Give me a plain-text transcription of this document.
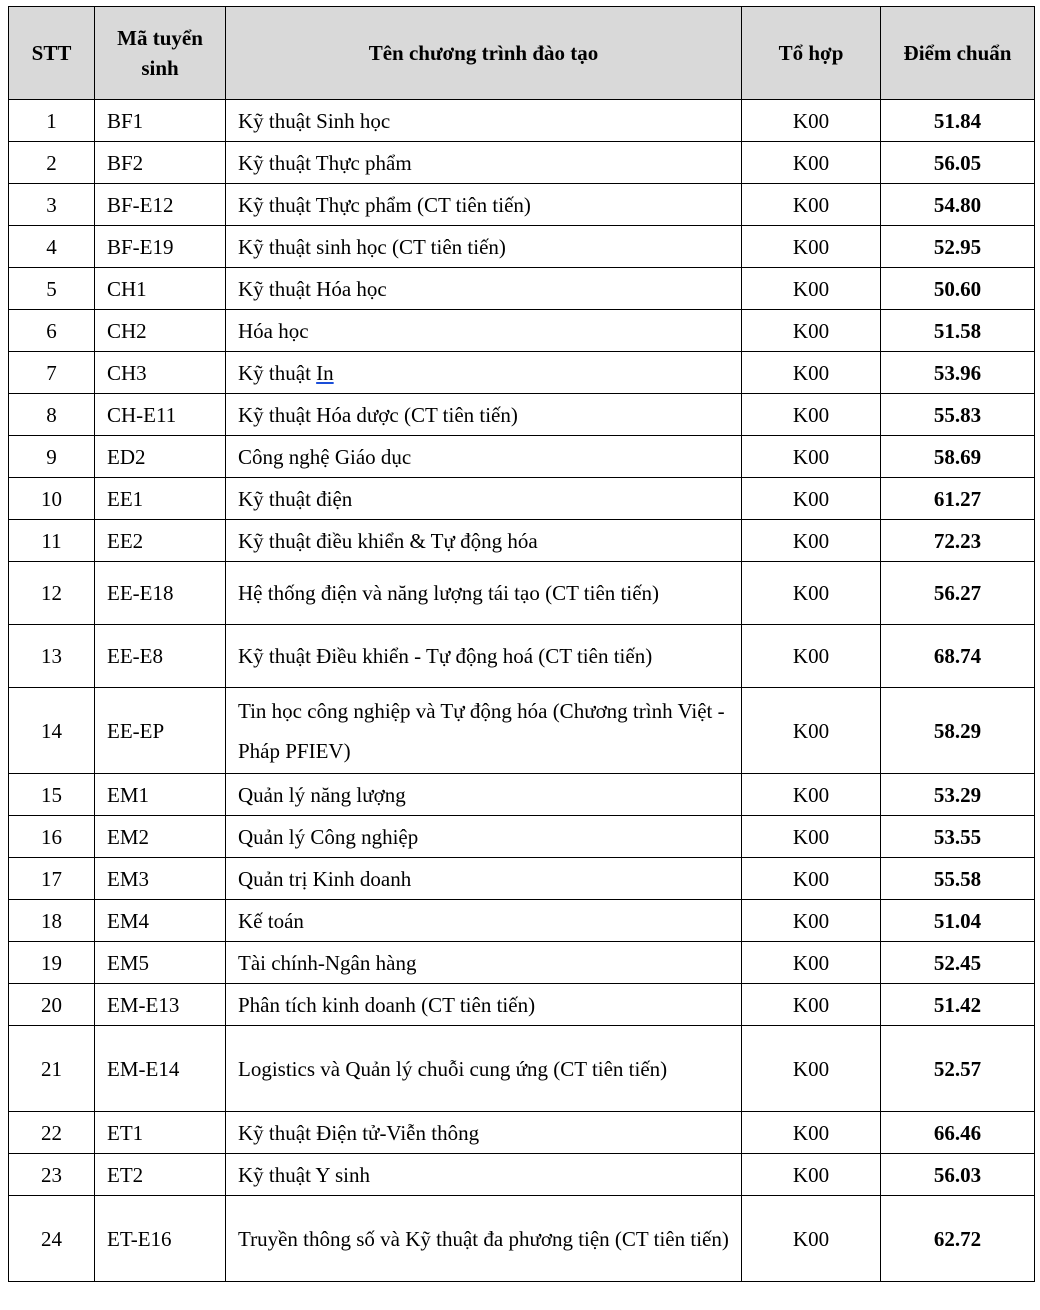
STT	Mã tuyển sinh	Tên chương trình đào tạo	Tổ hợp	Điểm chuẩn
1	BF1	Kỹ thuật Sinh học	K00	51.84
2	BF2	Kỹ thuật Thực phẩm	K00	56.05
3	BF-E12	Kỹ thuật Thực phẩm (CT tiên tiến)	K00	54.80
4	BF-E19	Kỹ thuật sinh học (CT tiên tiến)	K00	52.95
5	CH1	Kỹ thuật Hóa học	K00	50.60
6	CH2	Hóa học	K00	51.58
7	CH3	Kỹ thuật In	K00	53.96
8	CH-E11	Kỹ thuật Hóa dược (CT tiên tiến)	K00	55.83
9	ED2	Công nghệ Giáo dục	K00	58.69
10	EE1	Kỹ thuật điện	K00	61.27
11	EE2	Kỹ thuật điều khiển & Tự động hóa	K00	72.23
12	EE-E18	Hệ thống điện và năng lượng tái tạo (CT tiên tiến)	K00	56.27
13	EE-E8	Kỹ thuật Điều khiển - Tự động hoá (CT tiên tiến)	K00	68.74
14	EE-EP	Tin học công nghiệp và Tự động hóa (Chương trình Việt - Pháp PFIEV)	K00	58.29
15	EM1	Quản lý năng lượng	K00	53.29
16	EM2	Quản lý Công nghiệp	K00	53.55
17	EM3	Quản trị Kinh doanh	K00	55.58
18	EM4	Kế toán	K00	51.04
19	EM5	Tài chính-Ngân hàng	K00	52.45
20	EM-E13	Phân tích kinh doanh (CT tiên tiến)	K00	51.42
21	EM-E14	Logistics và Quản lý chuỗi cung ứng (CT tiên tiến)	K00	52.57
22	ET1	Kỹ thuật Điện tử-Viễn thông	K00	66.46
23	ET2	Kỹ thuật Y sinh	K00	56.03
24	ET-E16	Truyền thông số và Kỹ thuật đa phương tiện (CT tiên tiến)	K00	62.72
